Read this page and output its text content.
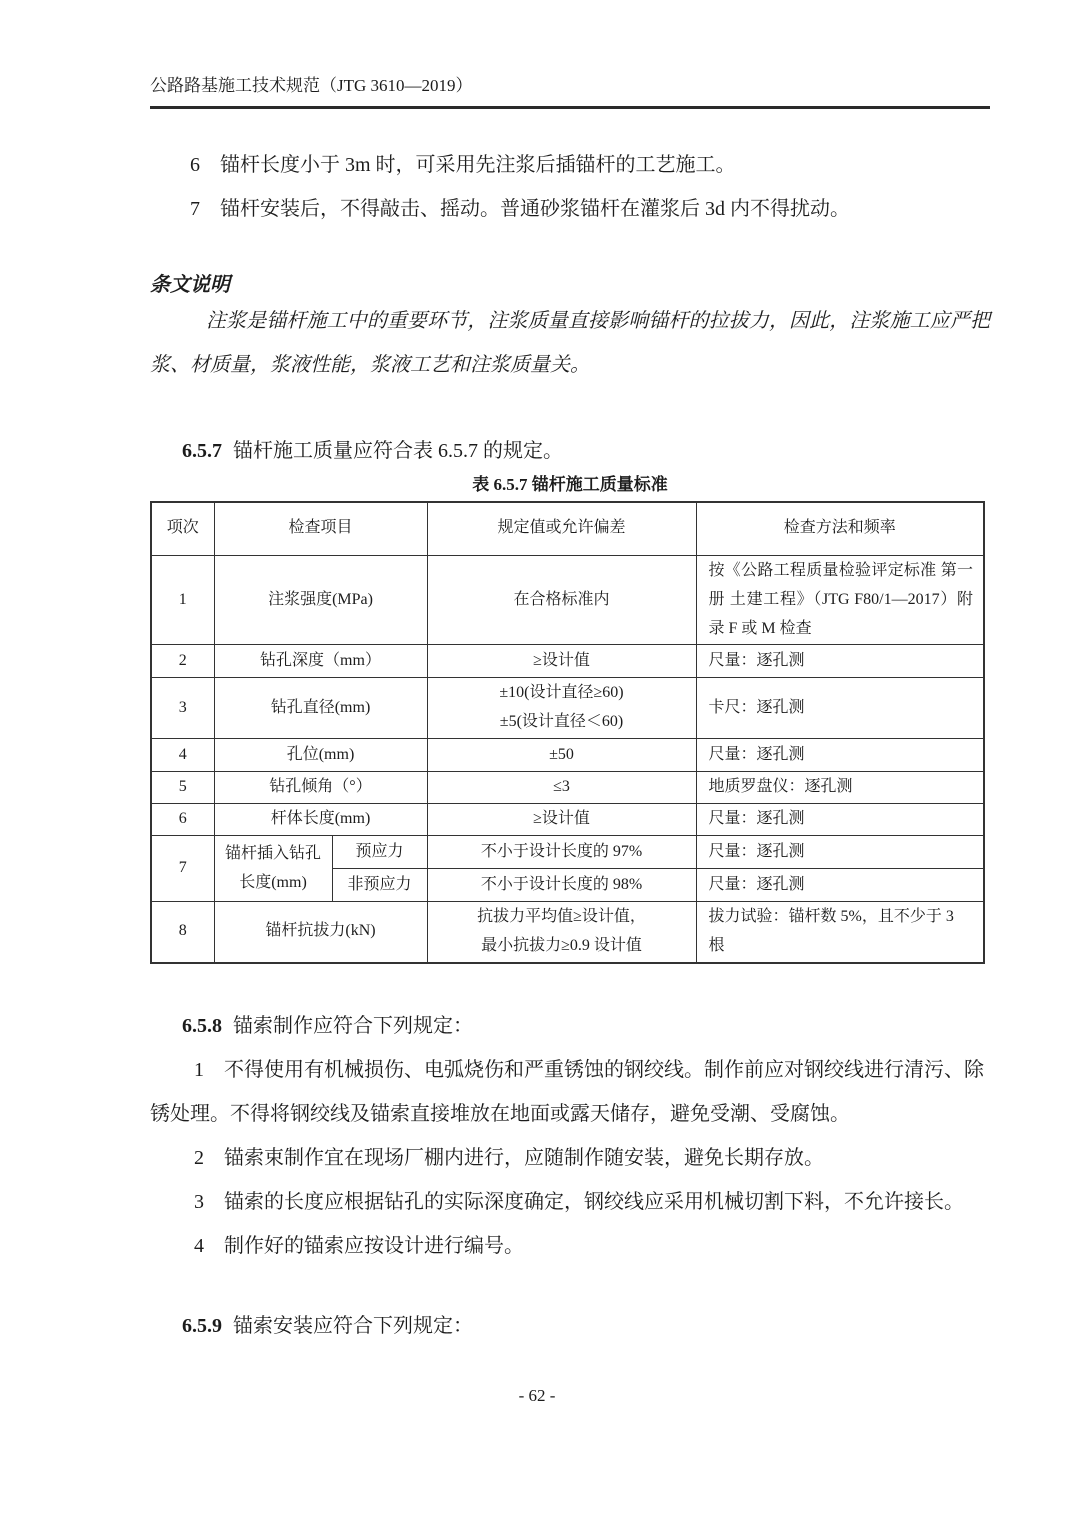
公路路基施工技术规范（JTG 3610—2019）

6　锚杆长度小于 3m 时，可采用先注浆后插锚杆的工艺施工。

7　锚杆安装后，不得敲击、摇动。普通砂浆锚杆在灌浆后 3d 内不得扰动。

条文说明

注浆是锚杆施工中的重要环节，注浆质量直接影响锚杆的拉拔力，因此，注浆施工应严把浆、材质量，浆液性能，浆液工艺和注浆质量关。

6.5.7 锚杆施工质量应符合表 6.5.7 的规定。

表 6.5.7 锚杆施工质量标准

项次	检查项目		规定值或允许偏差	检查方法和频率
1	注浆强度(MPa)		在合格标准内	按《公路工程质量检验评定标准 第一册 土建工程》（JTG F80/1—2017）附录 F 或 M 检查
2	钻孔深度（mm）		≥设计值	尺量：逐孔测
3	钻孔直径(mm)		±10(设计直径≥60)
±5(设计直径＜60)	卡尺：逐孔测
4	孔位(mm)		±50	尺量：逐孔测
5	钻孔倾角（°）		≤3	地质罗盘仪：逐孔测
6	杆体长度(mm)		≥设计值	尺量：逐孔测
7	锚杆插入钻孔长度(mm)	预应力	不小于设计长度的 97%	尺量：逐孔测
		非预应力	不小于设计长度的 98%	尺量：逐孔测
8	锚杆抗拔力(kN)		抗拔力平均值≥设计值，
最小抗拔力≥0.9 设计值	拔力试验：锚杆数 5%，且不少于 3 根

6.5.8 锚索制作应符合下列规定：

1　不得使用有机械损伤、电弧烧伤和严重锈蚀的钢绞线。制作前应对钢绞线进行清污、除锈处理。不得将钢绞线及锚索直接堆放在地面或露天储存，避免受潮、受腐蚀。

2　锚索束制作宜在现场厂棚内进行，应随制作随安装，避免长期存放。

3　锚索的长度应根据钻孔的实际深度确定，钢绞线应采用机械切割下料，不允许接长。

4　制作好的锚索应按设计进行编号。

6.5.9 锚索安装应符合下列规定：

- 62 -
